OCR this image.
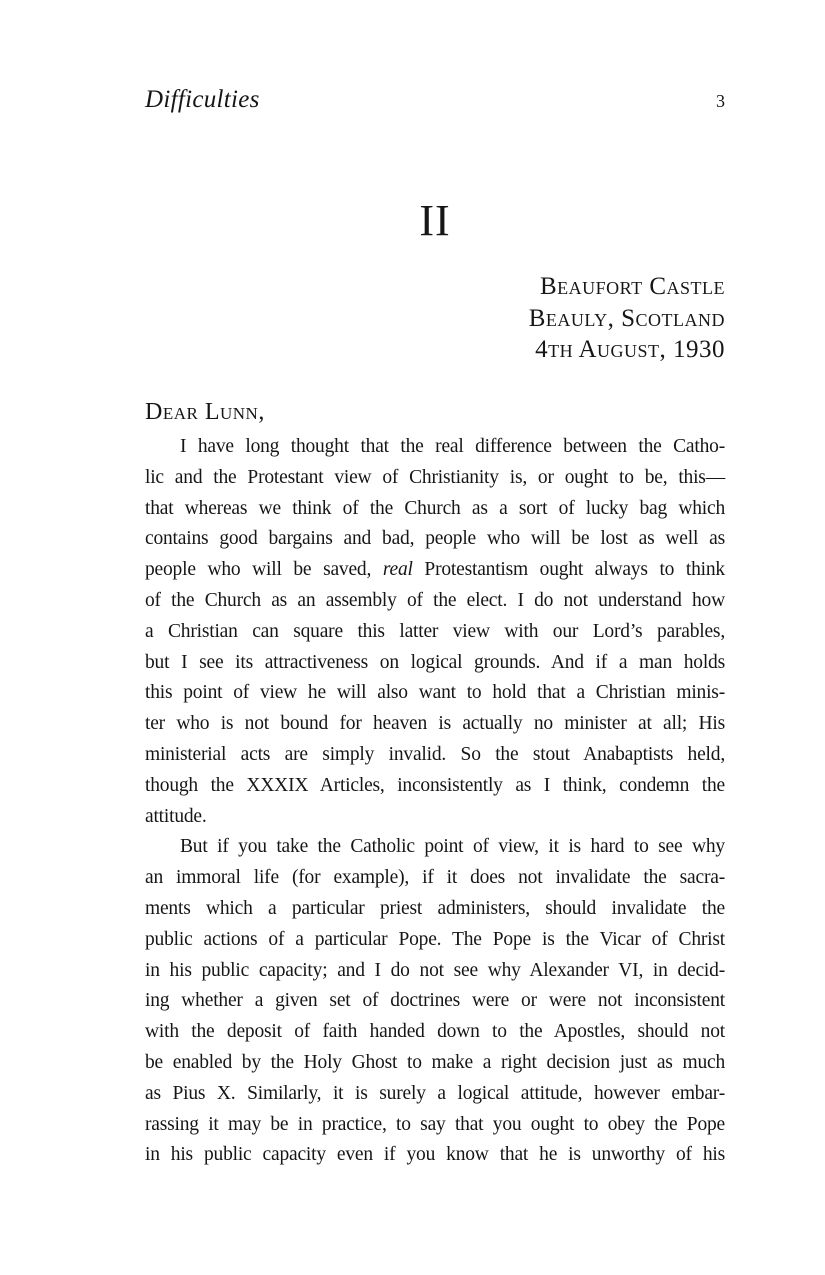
Difficulties	3
II
Beaufort Castle
Beauly, Scotland
4th August, 1930
Dear Lunn,
I have long thought that the real difference between the Catho-
lic and the Protestant view of Christianity is, or ought to be, this—
that whereas we think of the Church as a sort of lucky bag which
contains good bargains and bad, people who will be lost as well as
people who will be saved, real Protestantism ought always to think
of the Church as an assembly of the elect. I do not understand how
a Christian can square this latter view with our Lord’s parables,
but I see its attractiveness on logical grounds. And if a man holds
this point of view he will also want to hold that a Christian minis-
ter who is not bound for heaven is actually no minister at all; His
ministerial acts are simply invalid. So the stout Anabaptists held,
though the XXXIX Articles, inconsistently as I think, condemn the
attitude.
But if you take the Catholic point of view, it is hard to see why
an immoral life (for example), if it does not invalidate the sacra-
ments which a particular priest administers, should invalidate the
public actions of a particular Pope. The Pope is the Vicar of Christ
in his public capacity; and I do not see why Alexander VI, in decid-
ing whether a given set of doctrines were or were not inconsistent
with the deposit of faith handed down to the Apostles, should not
be enabled by the Holy Ghost to make a right decision just as much
as Pius X. Similarly, it is surely a logical attitude, however embar-
rassing it may be in practice, to say that you ought to obey the Pope
in his public capacity even if you know that he is unworthy of his
